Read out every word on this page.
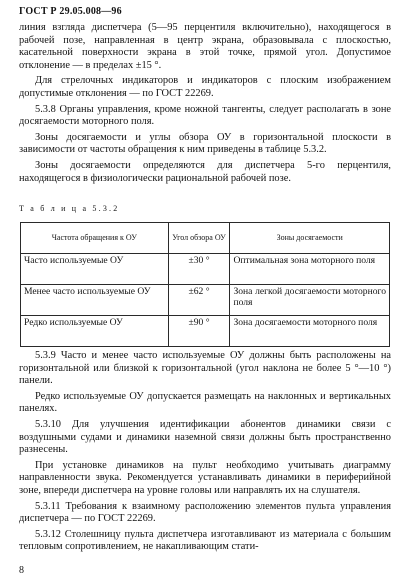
ГОСТ Р 29.05.008—96

линия взгляда диспетчера (5—95 перцентиля включительно), находящегося в рабочей позе, направленная в центр экрана, образовывала с плоскостью, касательной поверхности экрана в этой точке, прямой угол. Допустимое отклонение — в пределах ±15 °.

Для стрелочных индикаторов и индикаторов с плоским изображением допустимые отклонения — по ГОСТ 22269.

5.3.8 Органы управления, кроме ножной тангенты, следует располагать в зоне досягаемости моторного поля.

Зоны досягаемости и углы обзора ОУ в горизонтальной плоскости в зависимости от частоты обращения к ним приведены в таблице 5.3.2.

Зоны досягаемости определяются для диспетчера 5-го перцентиля, находящегося в физиологически рациональной рабочей позе.

Т а б л и ц а 5.3.2
Частота обращения к ОУ	Угол обзора ОУ	Зоны досягаемости
Часто используемые ОУ	±30 °	Оптимальная зона моторного поля
Менее часто используемые ОУ	±62 °	Зона легкой досягаемости моторного поля
Редко используемые ОУ	±90 °	Зона досягаемости моторного поля

5.3.9 Часто и менее часто используемые ОУ должны быть расположены на горизонтальной или близкой к горизонтальной (угол наклона не более 5 °—10 °) панели.

Редко используемые ОУ допускается размещать на наклонных и вертикальных панелях.

5.3.10 Для улучшения идентификации абонентов динамики связи с воздушными судами и динамики наземной связи должны быть пространственно разнесены.

При установке динамиков на пульт необходимо учитывать диаграмму направленности звука. Рекомендуется устанавливать динамики в периферийной зоне, впереди диспетчера на уровне головы или направлять их на слушателя.

5.3.11 Требования к взаимному расположению элементов пульта управления диспетчера — по ГОСТ 22269.

5.3.12 Столешницу пульта диспетчера изготавливают из материала с большим тепловым сопротивлением, не накапливающим стати-

8
